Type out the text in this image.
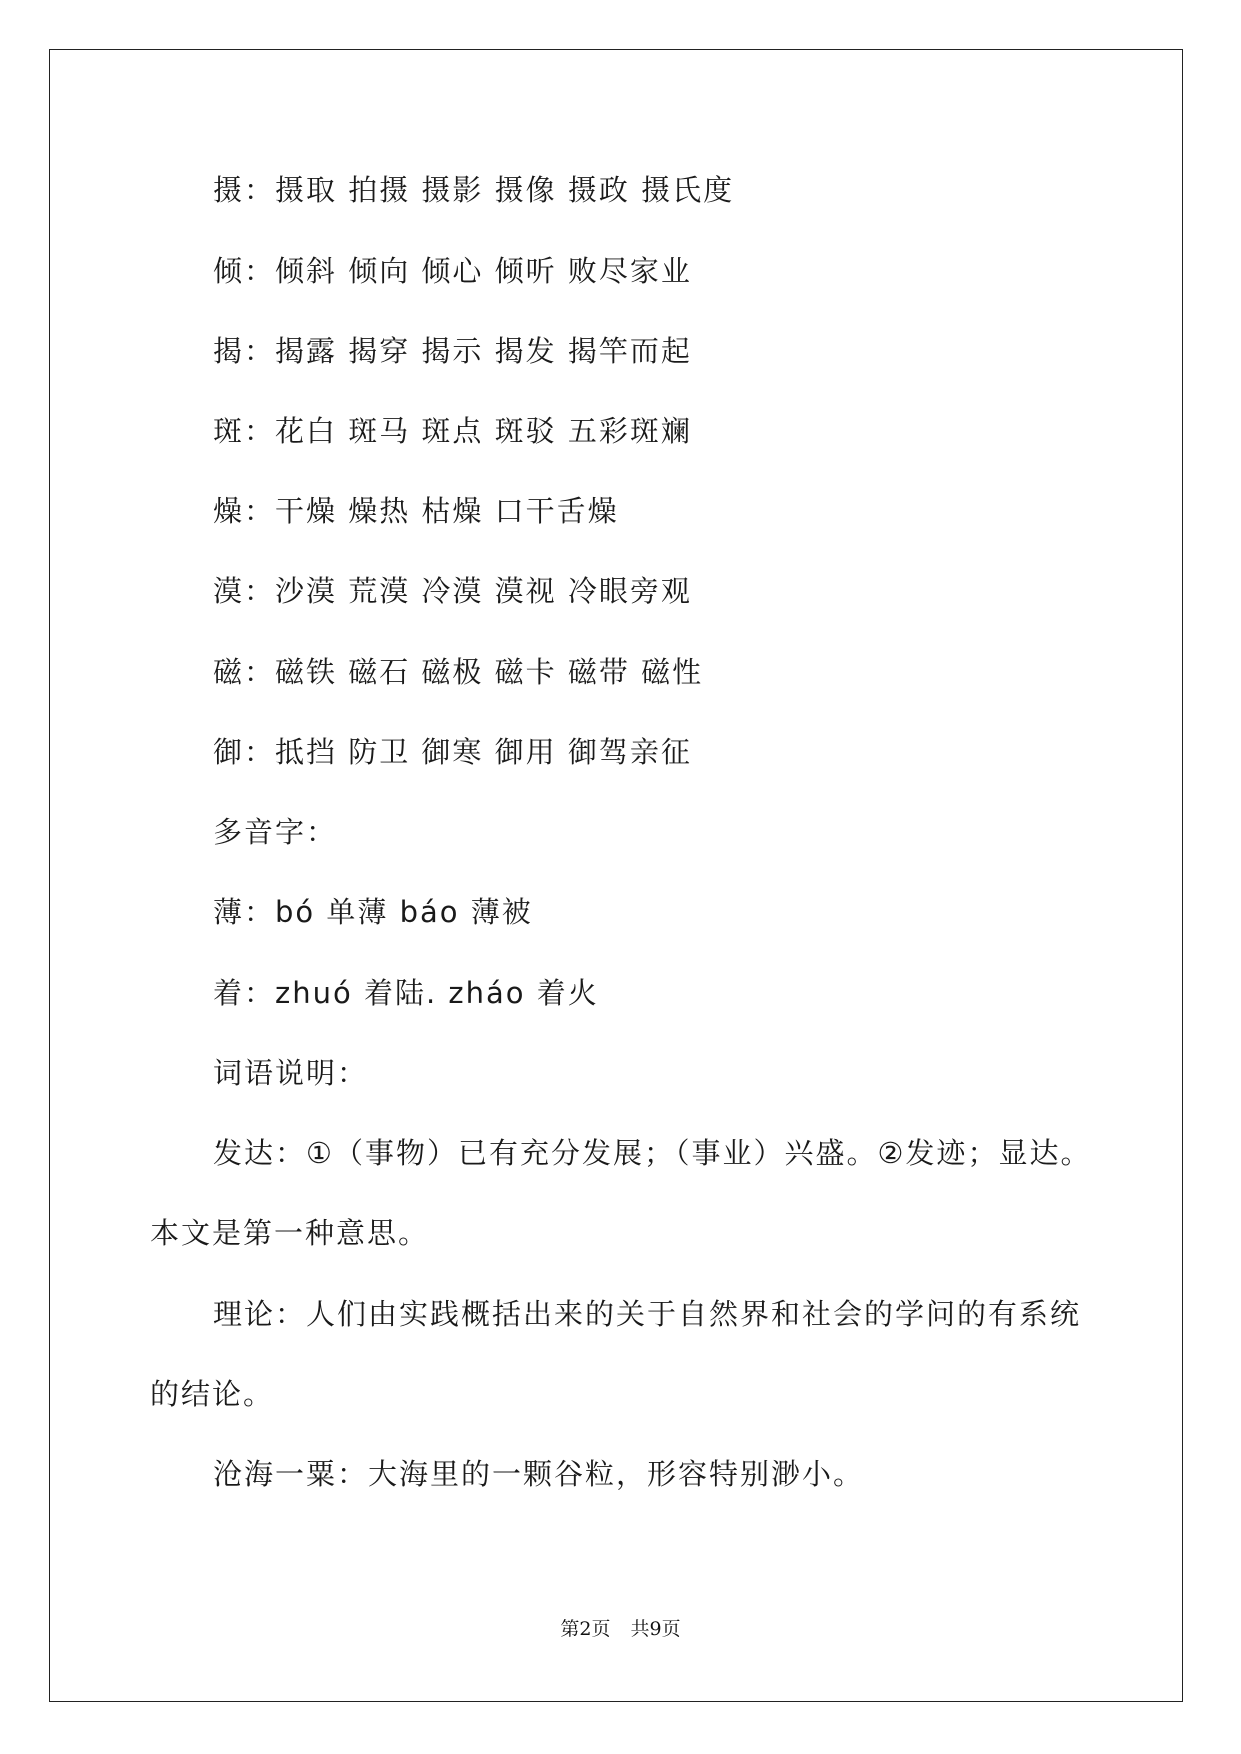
摄：摄取 拍摄 摄影 摄像 摄政 摄氏度
倾：倾斜 倾向 倾心 倾听 败尽家业
揭：揭露 揭穿 揭示 揭发 揭竿而起
斑：花白 斑马 斑点 斑驳 五彩斑斓
燥：干燥 燥热 枯燥 口干舌燥
漠：沙漠 荒漠 冷漠 漠视 冷眼旁观
磁：磁铁 磁石 磁极 磁卡 磁带 磁性
御：抵挡 防卫 御寒 御用 御驾亲征
多音字：
薄：bó 单薄 báo 薄被
着：zhuó 着陆. zháo 着火
词语说明：
发达：①（事物）已有充分发展；（事业）兴盛。②发迹；显达。
本文是第一种意思。
理论：人们由实践概括出来的关于自然界和社会的学问的有系统
的结论。
沧海一粟：大海里的一颗谷粒，形容特别渺小。
第2页 共9页
